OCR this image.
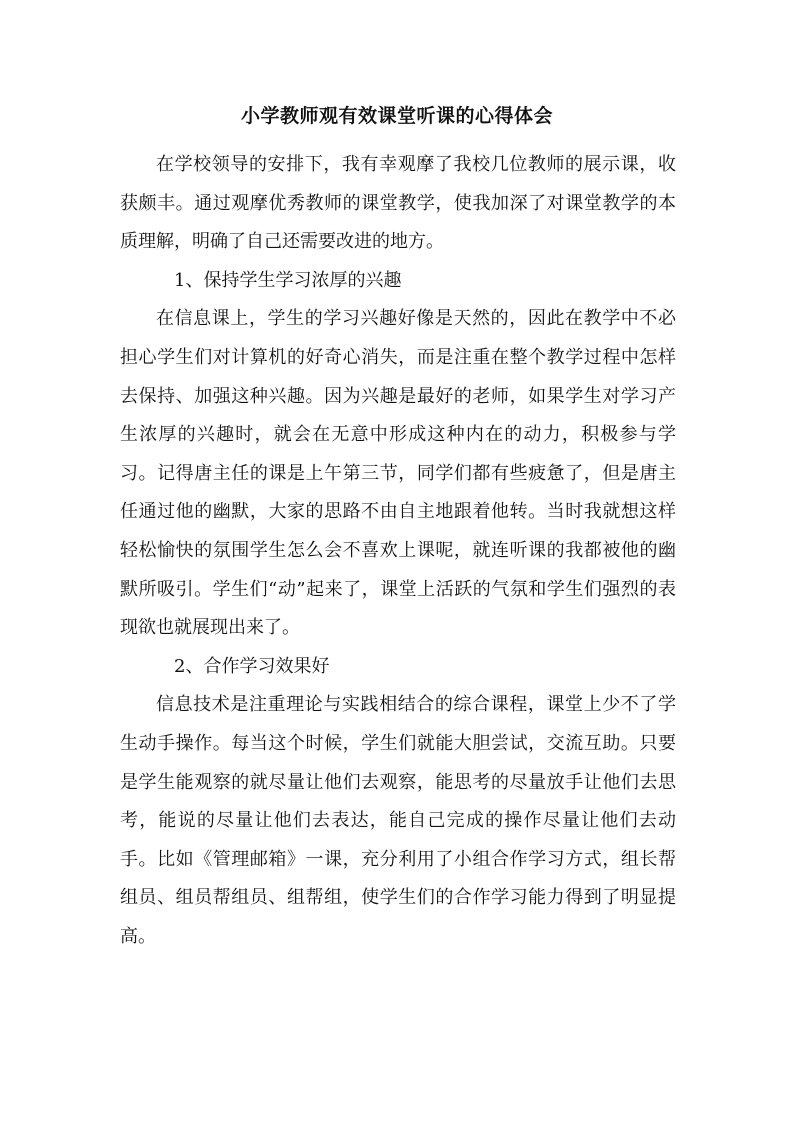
小学教师观有效课堂听课的心得体会

在学校领导的安排下，我有幸观摩了我校几位教师的展示课，收获颇丰。通过观摩优秀教师的课堂教学，使我加深了对课堂教学的本质理解，明确了自己还需要改进的地方。

1、保持学生学习浓厚的兴趣

在信息课上，学生的学习兴趣好像是天然的，因此在教学中不必担心学生们对计算机的好奇心消失，而是注重在整个教学过程中怎样去保持、加强这种兴趣。因为兴趣是最好的老师，如果学生对学习产生浓厚的兴趣时，就会在无意中形成这种内在的动力，积极参与学习。记得唐主任的课是上午第三节，同学们都有些疲惫了，但是唐主任通过他的幽默，大家的思路不由自主地跟着他转。当时我就想这样轻松愉快的氛围学生怎么会不喜欢上课呢，就连听课的我都被他的幽默所吸引。学生们“动”起来了，课堂上活跃的气氛和学生们强烈的表现欲也就展现出来了。

2、合作学习效果好

信息技术是注重理论与实践相结合的综合课程，课堂上少不了学生动手操作。每当这个时候，学生们就能大胆尝试，交流互助。只要是学生能观察的就尽量让他们去观察，能思考的尽量放手让他们去思考，能说的尽量让他们去表达，能自己完成的操作尽量让他们去动手。比如《管理邮箱》一课，充分利用了小组合作学习方式，组长帮组员、组员帮组员、组帮组，使学生们的合作学习能力得到了明显提高。
